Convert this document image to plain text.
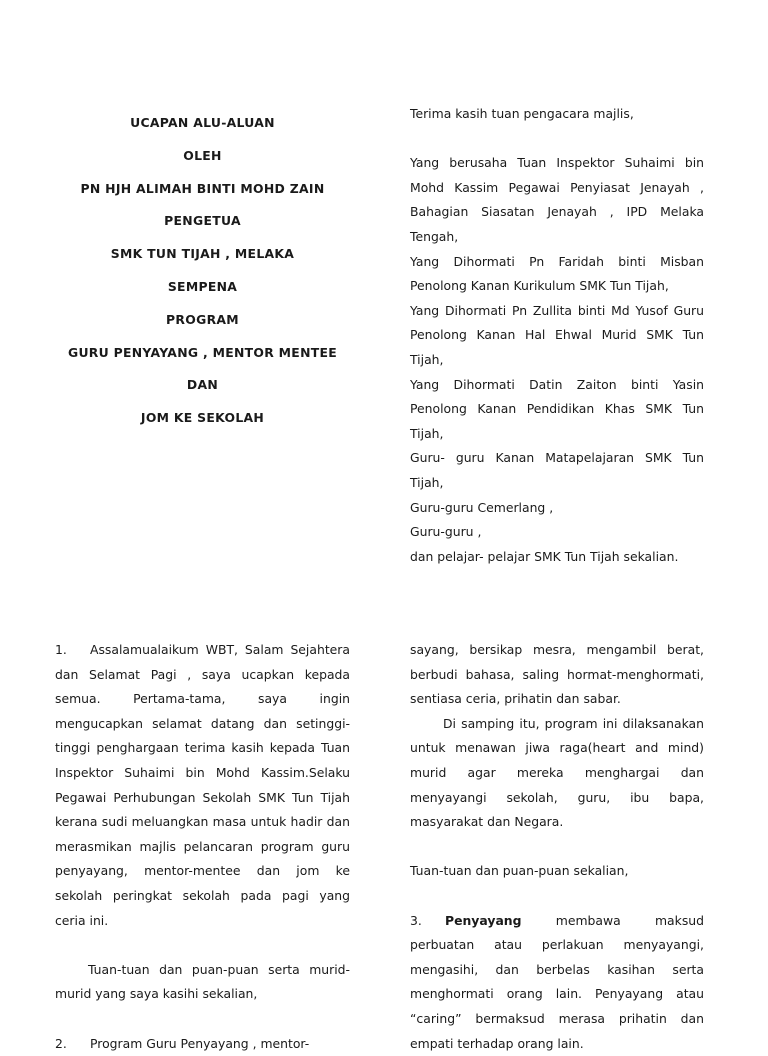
UCAPAN ALU-ALUAN

OLEH

PN HJH ALIMAH BINTI MOHD ZAIN

PENGETUA

SMK TUN TIJAH , MELAKA

SEMPENA

PROGRAM

GURU PENYAYANG , MENTOR MENTEE

DAN

JOM KE SEKOLAH

Terima kasih tuan pengacara majlis,

Yang berusaha Tuan Inspektor Suhaimi bin Mohd Kassim Pegawai Penyiasat Jenayah , Bahagian Siasatan Jenayah , IPD Melaka Tengah,

Yang Dihormati Pn Faridah binti Misban Penolong Kanan Kurikulum SMK Tun Tijah,

Yang Dihormati Pn Zullita binti Md Yusof Guru Penolong Kanan Hal Ehwal Murid SMK Tun Tijah,

Yang Dihormati Datin Zaiton binti Yasin Penolong Kanan Pendidikan Khas SMK Tun Tijah,

Guru- guru Kanan Matapelajaran SMK Tun Tijah,

Guru-guru Cemerlang ,

Guru-guru ,

dan pelajar- pelajar SMK Tun Tijah sekalian.

1. Assalamualaikum WBT, Salam Sejahtera dan Selamat Pagi , saya ucapkan kepada semua. Pertama-tama, saya ingin mengucapkan selamat datang dan setinggi-tinggi penghargaan terima kasih kepada Tuan Inspektor Suhaimi bin Mohd Kassim.Selaku Pegawai Perhubungan Sekolah SMK Tun Tijah kerana sudi meluangkan masa untuk hadir dan merasmikan majlis pelancaran program guru penyayang, mentor-mentee dan jom ke sekolah peringkat sekolah pada pagi yang ceria ini.

Tuan-tuan dan puan-puan serta murid-murid yang saya kasihi sekalian,

2. Program Guru Penyayang , mentor-

sayang, bersikap mesra, mengambil berat, berbudi bahasa, saling hormat-menghormati, sentiasa ceria, prihatin dan sabar.

Di samping itu, program ini dilaksanakan untuk menawan jiwa raga(heart and mind) murid agar mereka menghargai dan menyayangi sekolah, guru, ibu bapa, masyarakat dan Negara.

Tuan-tuan dan puan-puan sekalian,

3. Penyayang membawa maksud perbuatan atau perlakuan menyayangi, mengasihi, dan berbelas kasihan serta menghormati orang lain. Penyayang atau “caring” bermaksud merasa prihatin dan empati terhadap orang lain.
